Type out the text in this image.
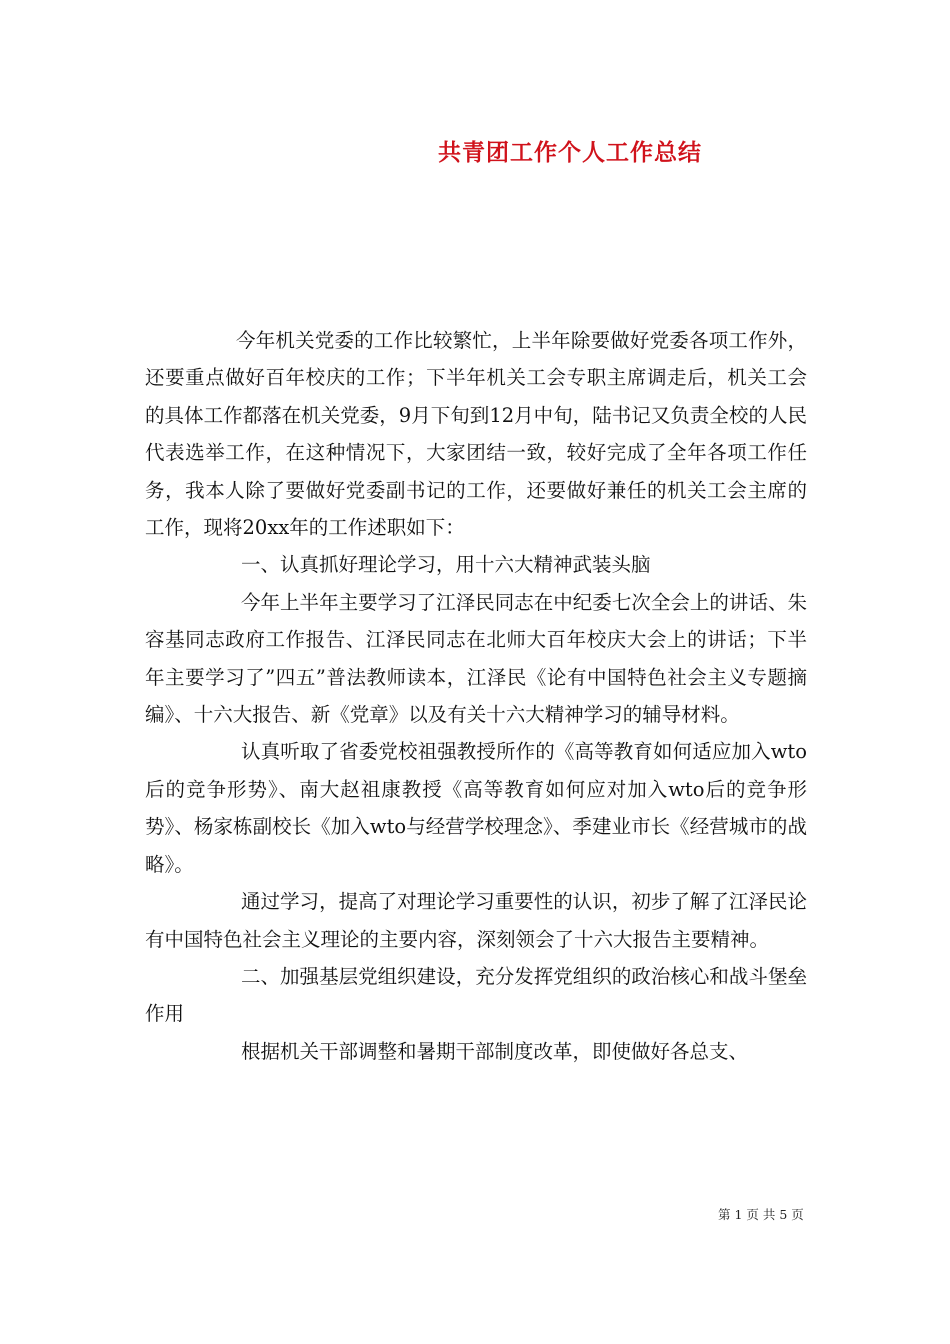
共青团工作个人工作总结

今年机关党委的工作比较繁忙，上半年除要做好党委各项工作外，还要重点做好百年校庆的工作；下半年机关工会专职主席调走后，机关工会的具体工作都落在机关党委，9月下旬到12月中旬，陆书记又负责全校的人民代表选举工作，在这种情况下，大家团结一致，较好完成了全年各项工作任务，我本人除了要做好党委副书记的工作，还要做好兼任的机关工会主席的工作，现将20xx年的工作述职如下：

一、认真抓好理论学习，用十六大精神武装头脑

今年上半年主要学习了江泽民同志在中纪委七次全会上的讲话、朱容基同志政府工作报告、江泽民同志在北师大百年校庆大会上的讲话；下半年主要学习了”四五”普法教师读本，江泽民《论有中国特色社会主义专题摘编》、十六大报告、新《党章》以及有关十六大精神学习的辅导材料。

认真听取了省委党校祖强教授所作的《高等教育如何适应加入wto后的竞争形势》、南大赵祖康教授《高等教育如何应对加入wto后的竞争形势》、杨家栋副校长《加入wto与经营学校理念》、季建业市长《经营城市的战略》。

通过学习，提高了对理论学习重要性的认识，初步了解了江泽民论有中国特色社会主义理论的主要内容，深刻领会了十六大报告主要精神。

二、加强基层党组织建设，充分发挥党组织的政治核心和战斗堡垒作用

根据机关干部调整和暑期干部制度改革，即使做好各总支、

第 1 页 共 5 页
